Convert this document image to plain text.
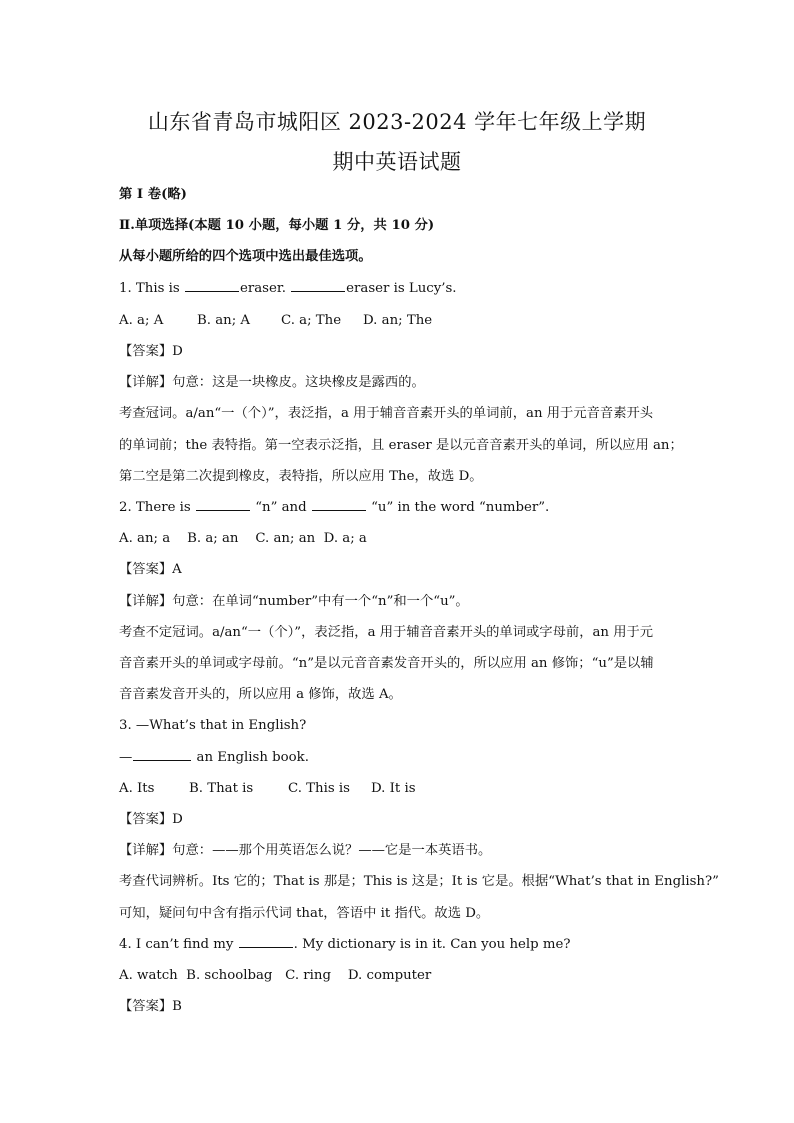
山东省青岛市城阳区 2023-2024 学年七年级上学期
期中英语试题
第 I 卷(略)
Ⅱ.单项选择(本题 10 小题，每小题 1 分，共 10 分)
从每小题所给的四个选项中选出最佳选项。
1. This is	eraser.	eraser is Lucy’s.
A. a; A	B. an; A C. a; The D. an; The
【答案】D
【详解】句意：这是一块橡皮。这块橡皮是露西的。
考查冠词。a/an“一（个）”，表泛指，a 用于辅音音素开头的单词前，an 用于元音音素开头
的单词前；the 表特指。第一空表示泛指，且 eraser 是以元音音素开头的单词，所以应用 an；
第二空是第二次提到橡皮，表特指，所以应用 The，故选 D。
2. There is	“n” and	“u” in the word “number”.
A. an; a    B. a; an    C. an; an  D. a; a
【答案】A
【详解】句意：在单词“number”中有一个“n”和一个“u”。
考查不定冠词。a/an“一（个）”，表泛指，a 用于辅音音素开头的单词或字母前，an 用于元
音音素开头的单词或字母前。“n”是以元音音素发音开头的，所以应用 an 修饰；“u”是以辅
音音素发音开头的，所以应用 a 修饰，故选 A。
3. —What’s that in English?
—	an English book.
A. Its	B. That is	C. This is D. It is
【答案】D
【详解】句意：——那个用英语怎么说？——它是一本英语书。
考查代词辨析。Its 它的；That is 那是；This is 这是；It is 它是。根据“What’s that in English?”
可知，疑问句中含有指示代词 that，答语中 it 指代。故选 D。
4. I can’t find my	. My dictionary is in it. Can you help me?
A. watch  B. schoolbag   C. ring    D. computer
【答案】B
